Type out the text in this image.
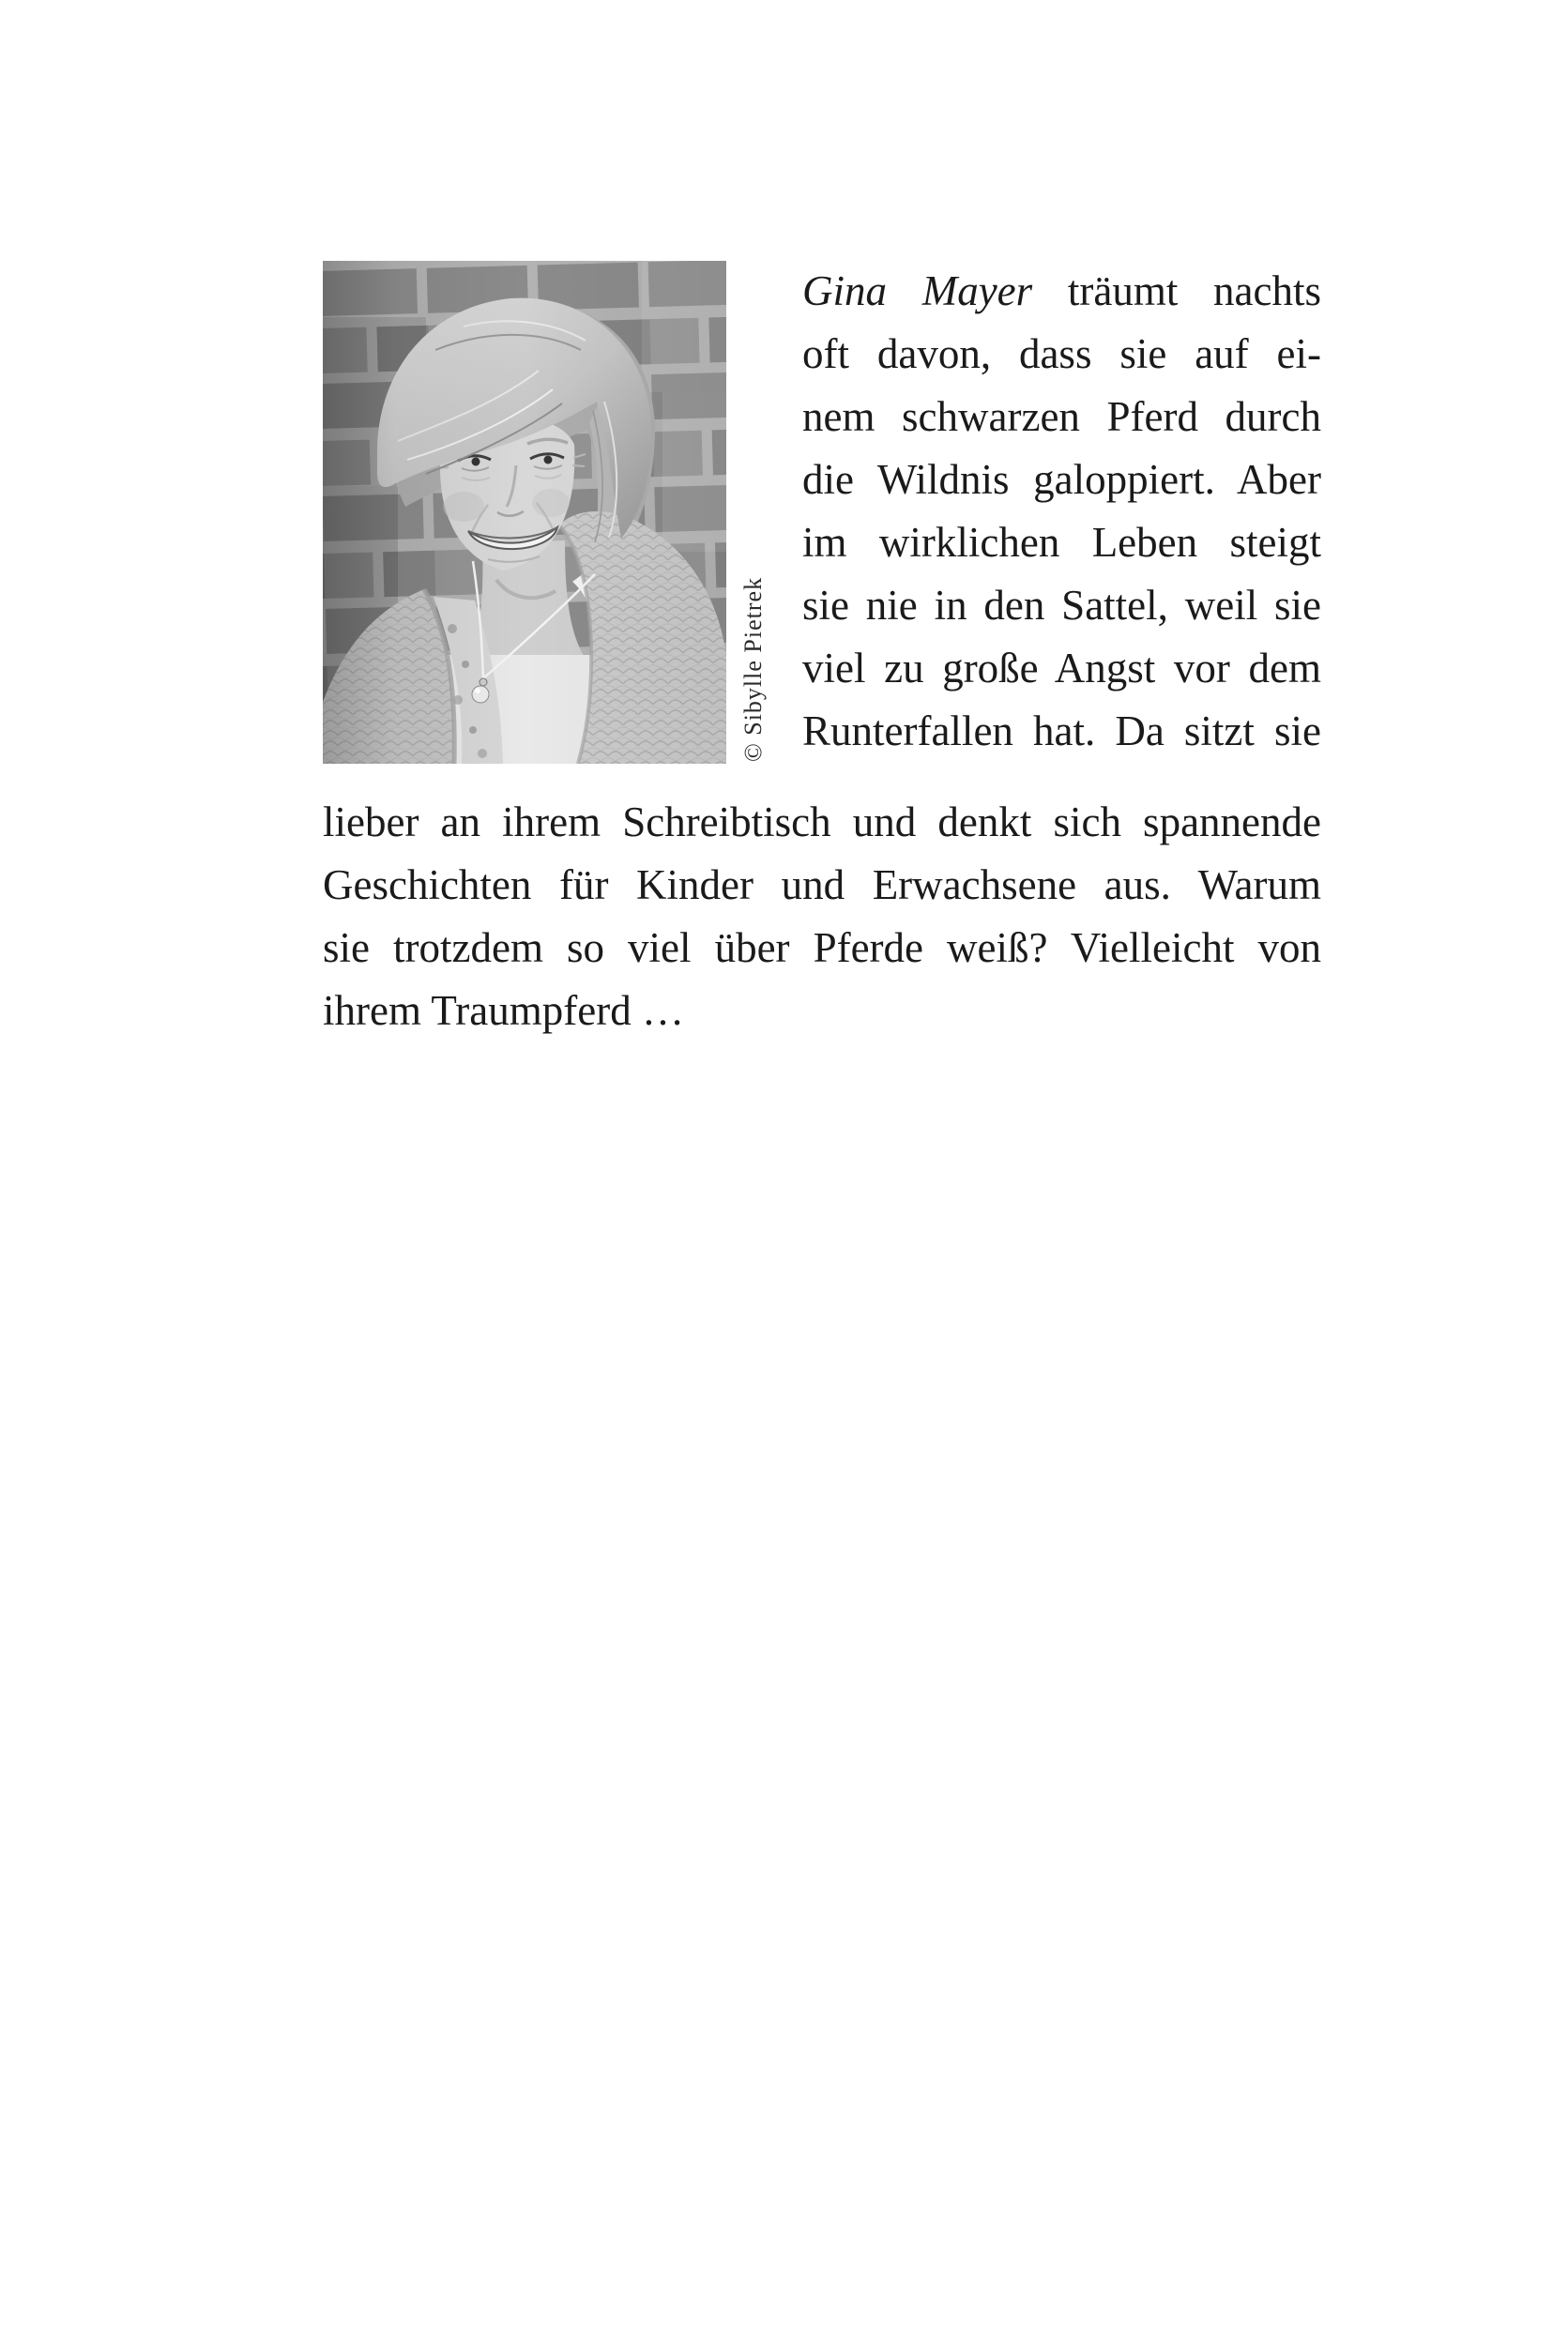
© Sibylle Pietrek
Gina Mayer träumt nachts
oft davon, dass sie auf ei-
nem schwarzen Pferd durch
die Wildnis galoppiert. Aber
im wirklichen Leben steigt
sie nie in den Sattel, weil sie
viel zu große Angst vor dem
Runterfallen hat. Da sitzt sie
lieber an ihrem Schreibtisch und denkt sich spannende
Geschichten für Kinder und Erwachsene aus. Warum
sie trotzdem so viel über Pferde weiß? Vielleicht von
ihrem Traumpferd …
